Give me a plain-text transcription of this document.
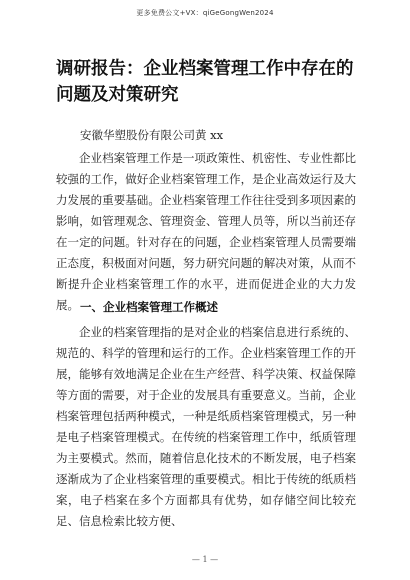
更多免费公文+VX：qiGeGongWen2024
调研报告：企业档案管理工作中存在的问题及对策研究
安徽华塑股份有限公司黄 xx
企业档案管理工作是一项政策性、机密性、专业性都比较强的工作，做好企业档案管理工作，是企业高效运行及大力发展的重要基础。企业档案管理工作往往受到多项因素的影响，如管理观念、管理资金、管理人员等，所以当前还存在一定的问题。针对存在的问题，企业档案管理人员需要端正态度，积极面对问题，努力研究问题的解决对策，从而不断提升企业档案管理工作的水平，进而促进企业的大力发展。 一、企业档案管理工作概述
企业的档案管理指的是对企业的档案信息进行系统的、规范的、科学的管理和运行的工作。企业档案管理工作的开展，能够有效地满足企业在生产经营、科学决策、权益保障等方面的需要，对于企业的发展具有重要意义。当前，企业档案管理包括两种模式，一种是纸质档案管理模式，另一种是电子档案管理模式。在传统的档案管理工作中，纸质管理为主要模式。然而，随着信息化技术的不断发展，电子档案逐渐成为了企业档案管理的重要模式。相比于传统的纸质档案，电子档案在多个方面都具有优势，如存储空间比较充足、信息检索比较方便、
— 1 —
